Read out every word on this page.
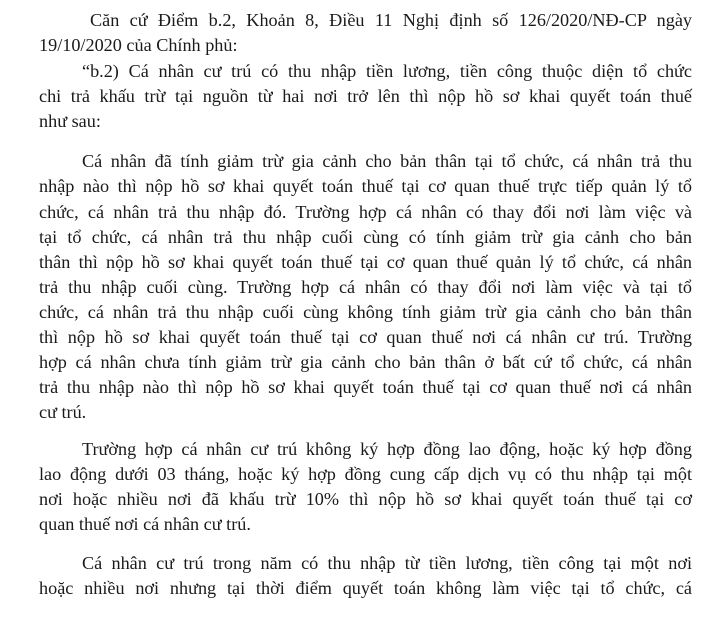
Căn cứ Điểm b.2, Khoản 8, Điều 11 Nghị định số 126/2020/NĐ-CP ngày
19/10/2020 của Chính phủ:
“b.2) Cá nhân cư trú có thu nhập tiền lương, tiền công thuộc diện tổ chức
chi trả khấu trừ tại nguồn từ hai nơi trở lên thì nộp hồ sơ khai quyết toán thuế
như sau:
Cá nhân đã tính giảm trừ gia cảnh cho bản thân tại tổ chức, cá nhân trả thu
nhập nào thì nộp hồ sơ khai quyết toán thuế tại cơ quan thuế trực tiếp quản lý tổ
chức, cá nhân trả thu nhập đó. Trường hợp cá nhân có thay đổi nơi làm việc và
tại tổ chức, cá nhân trả thu nhập cuối cùng có tính giảm trừ gia cảnh cho bản
thân thì nộp hồ sơ khai quyết toán thuế tại cơ quan thuế quản lý tổ chức, cá nhân
trả thu nhập cuối cùng. Trường hợp cá nhân có thay đổi nơi làm việc và tại tổ
chức, cá nhân trả thu nhập cuối cùng không tính giảm trừ gia cảnh cho bản thân
thì nộp hồ sơ khai quyết toán thuế tại cơ quan thuế nơi cá nhân cư trú. Trường
hợp cá nhân chưa tính giảm trừ gia cảnh cho bản thân ở bất cứ tổ chức, cá nhân
trả thu nhập nào thì nộp hồ sơ khai quyết toán thuế tại cơ quan thuế nơi cá nhân
cư trú.
Trường hợp cá nhân cư trú không ký hợp đồng lao động, hoặc ký hợp đồng
lao động dưới 03 tháng, hoặc ký hợp đồng cung cấp dịch vụ có thu nhập tại một
nơi hoặc nhiều nơi đã khấu trừ 10% thì nộp hồ sơ khai quyết toán thuế tại cơ
quan thuế nơi cá nhân cư trú.
Cá nhân cư trú trong năm có thu nhập từ tiền lương, tiền công tại một nơi
hoặc nhiều nơi nhưng tại thời điểm quyết toán không làm việc tại tổ chức, cá
